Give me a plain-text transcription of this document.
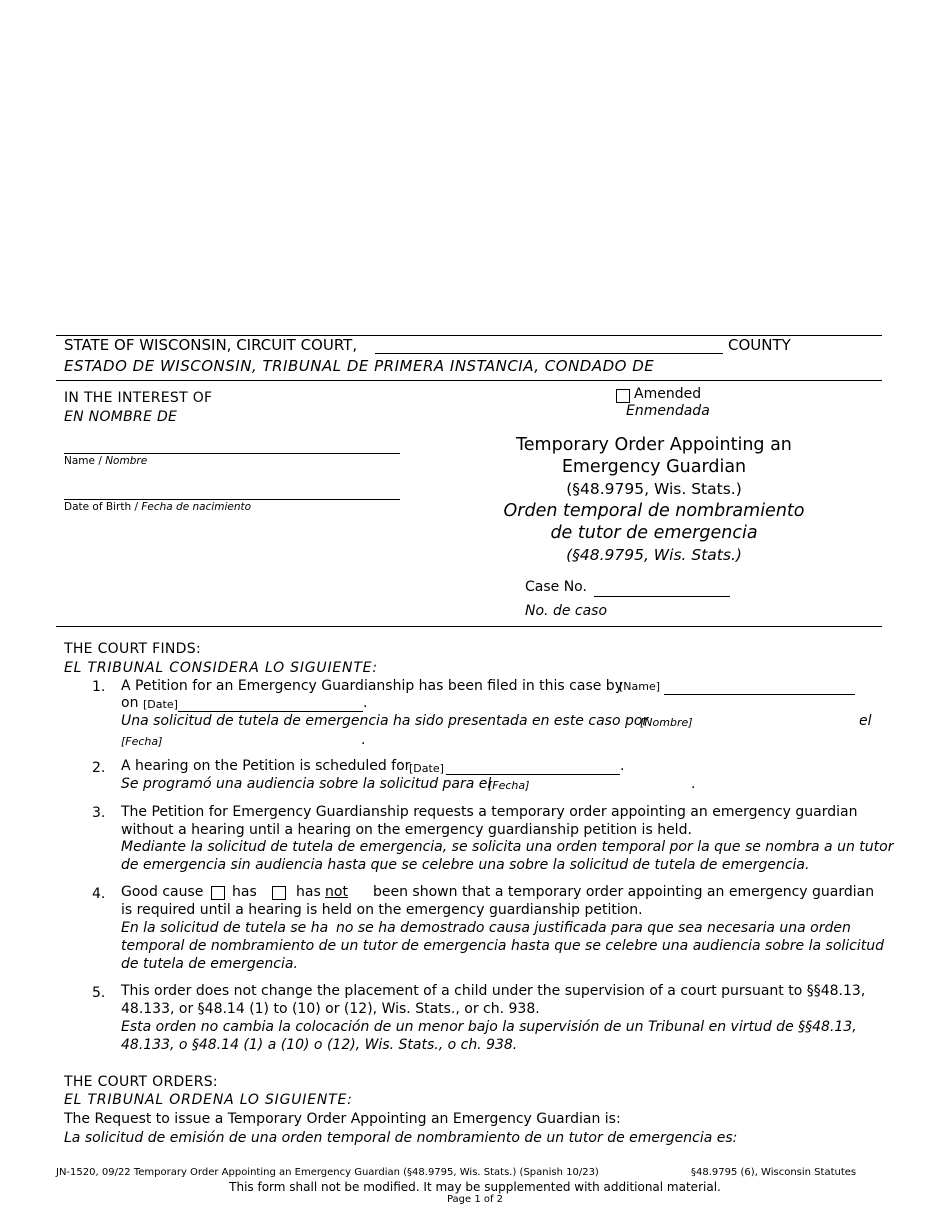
STATE OF WISCONSIN, CIRCUIT COURT,	COUNTY
ESTADO DE WISCONSIN, TRIBUNAL DE PRIMERA INSTANCIA, CONDADO DE
IN THE INTEREST OF
EN NOMBRE DE
Name / Nombre
Date of Birth / Fecha de nacimiento
Amended
Enmendada
Temporary Order Appointing an
Emergency Guardian
(§48.9795, Wis. Stats.)
Orden temporal de nombramiento
de tutor de emergencia
(§48.9795, Wis. Stats.)
Case No.
No. de caso
THE COURT FINDS:
EL TRIBUNAL CONSIDERA LO SIGUIENTE:
1. A Petition for an Emergency Guardianship has been filed in this case by
[Name]
on [Date]	.
Una solicitud de tutela de emergencia ha sido presentada en este caso por
[Nombre]	el
[Fecha]	.
2. A hearing on the Petition is scheduled for
[Date]	.
Se programó una audiencia sobre la solicitud para el
[Fecha]	.
3. The Petition for Emergency Guardianship requests a temporary order appointing an emergency guardian
without a hearing until a hearing on the emergency guardianship petition is held.
Mediante la solicitud de tutela de emergencia, se solicita una orden temporal por la que se nombra a un tutor
de emergencia sin audiencia hasta que se celebre una sobre la solicitud de tutela de emergencia.
4. Good cause has	has not been shown that a temporary order appointing an emergency guardian
is required until a hearing is held on the emergency guardianship petition.
En la solicitud de tutela se ha no se ha demostrado causa justificada para que sea necesaria una orden
temporal de nombramiento de un tutor de emergencia hasta que se celebre una audiencia sobre la solicitud
de tutela de emergencia.
5. This order does not change the placement of a child under the supervision of a court pursuant to §§48.13,
48.133, or §48.14 (1) to (10) or (12), Wis. Stats., or ch. 938.
Esta orden no cambia la colocación de un menor bajo la supervisión de un Tribunal en virtud de §§48.13,
48.133, o §48.14 (1) a (10) o (12), Wis. Stats., o ch. 938.
THE COURT ORDERS:
EL TRIBUNAL ORDENA LO SIGUIENTE:
The Request to issue a Temporary Order Appointing an Emergency Guardian is:
La solicitud de emisión de una orden temporal de nombramiento de un tutor de emergencia es:
JN-1520, 09/22 Temporary Order Appointing an Emergency Guardian (§48.9795, Wis. Stats.) (Spanish 10/23)	§48.9795 (6), Wisconsin Statutes
This form shall not be modified. It may be supplemented with additional material.
Page 1 of 2
